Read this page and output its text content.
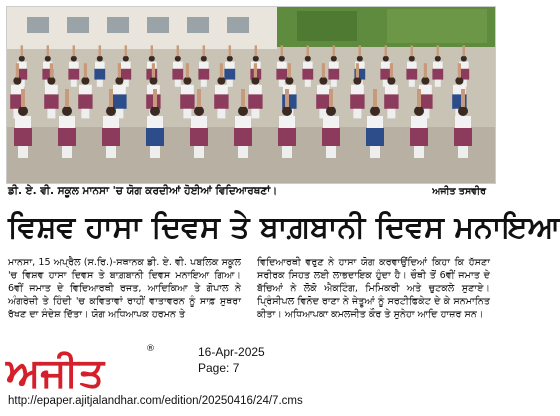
ਡੀ. ਏ. ਵੀ. ਸਕੂਲ ਮਾਨਸਾ 'ਚ ਯੋਗ ਕਰਦੀਆਂ ਹੋਈਆਂ ਵਿਦਿਆਰਥਣਾਂ।	ਅਜੀਤ ਤਸਵੀਰ
ਵਿਸ਼ਵ ਹਾਸਾ ਦਿਵਸ ਤੇ ਬਾਗ਼ਬਾਨੀ ਦਿਵਸ ਮਨਾਇਆ

ਮਾਨਸਾ, 15 ਅਪ੍ਰੈਲ (ਸ.ਰਿ.)-ਸਥਾਨਕ ਡੀ. ਏ. ਵੀ. ਪਬਲਿਕ ਸਕੂਲ 'ਚ ਵਿਸ਼ਵ ਹਾਸਾ ਦਿਵਸ ਤੇ ਬਾਗ਼ਬਾਨੀ ਦਿਵਸ ਮਨਾਇਆ ਗਿਆ। 6ਵੀਂ ਜਮਾਤ ਦੇ ਵਿਦਿਆਰਥੀ ਰਜਤ, ਆਦਿਕਿਆ ਤੇ ਗੋਪਾਲ ਨੇ ਅੰਗਰੇਜ਼ੀ ਤੇ ਹਿੰਦੀ 'ਚ ਕਵਿਤਾਵਾਂ ਰਾਹੀਂ ਵਾਤਾਵਰਨ ਨੂੰ ਸਾਫ਼ ਸੁਥਰਾ ਰੱਖਣ ਦਾ ਸੰਦੇਸ਼ ਦਿੱਤਾ। ਯੋਗ ਅਧਿਆਪਕ ਹਰਮਨ ਤੇ

ਵਿਦਿਆਰਥੀ ਵਰੁਣ ਨੇ ਹਾਸਾ ਯੋਗ ਕਰਵਾਉਂਦਿਆਂ ਕਿਹਾ ਕਿ ਹੱਸਣਾ ਸਰੀਰਕ ਸਿਹਤ ਲਈ ਲਾਭਦਾਇਕ ਹੁੰਦਾ ਹੈ। ਚੌਥੀ ਤੋਂ 6ਵੀਂ ਜਮਾਤ ਦੇ ਬੱਚਿਆਂ ਨੇ ਲੋਕੋ ਐਕਟਿੰਗ, ਮਿਮਿਕਰੀ ਅਤੇ ਚੁਟਕਲੇ ਸੁਣਾਏ। ਪ੍ਰਿੰਸੀਪਲ ਵਿਨੋਦ ਰਾਣਾ ਨੇ ਜੇਤੂਆਂ ਨੂੰ ਸਰਟੀਫਿਕੇਟ ਦੇ ਕੇ ਸਨਮਾਨਿਤ ਕੀਤਾ। ਅਧਿਆਪਕਾ ਕਮਲਜੀਤ ਕੌਰ ਤੇ ਸੁਨੇਹਾ ਆਦਿ ਹਾਜ਼ਰ ਸਨ।

ਅਜੀਤ
®	16-Apr-2025
Page: 7
http://epaper.ajitjalandhar.com/edition/20250416/24/7.cms
